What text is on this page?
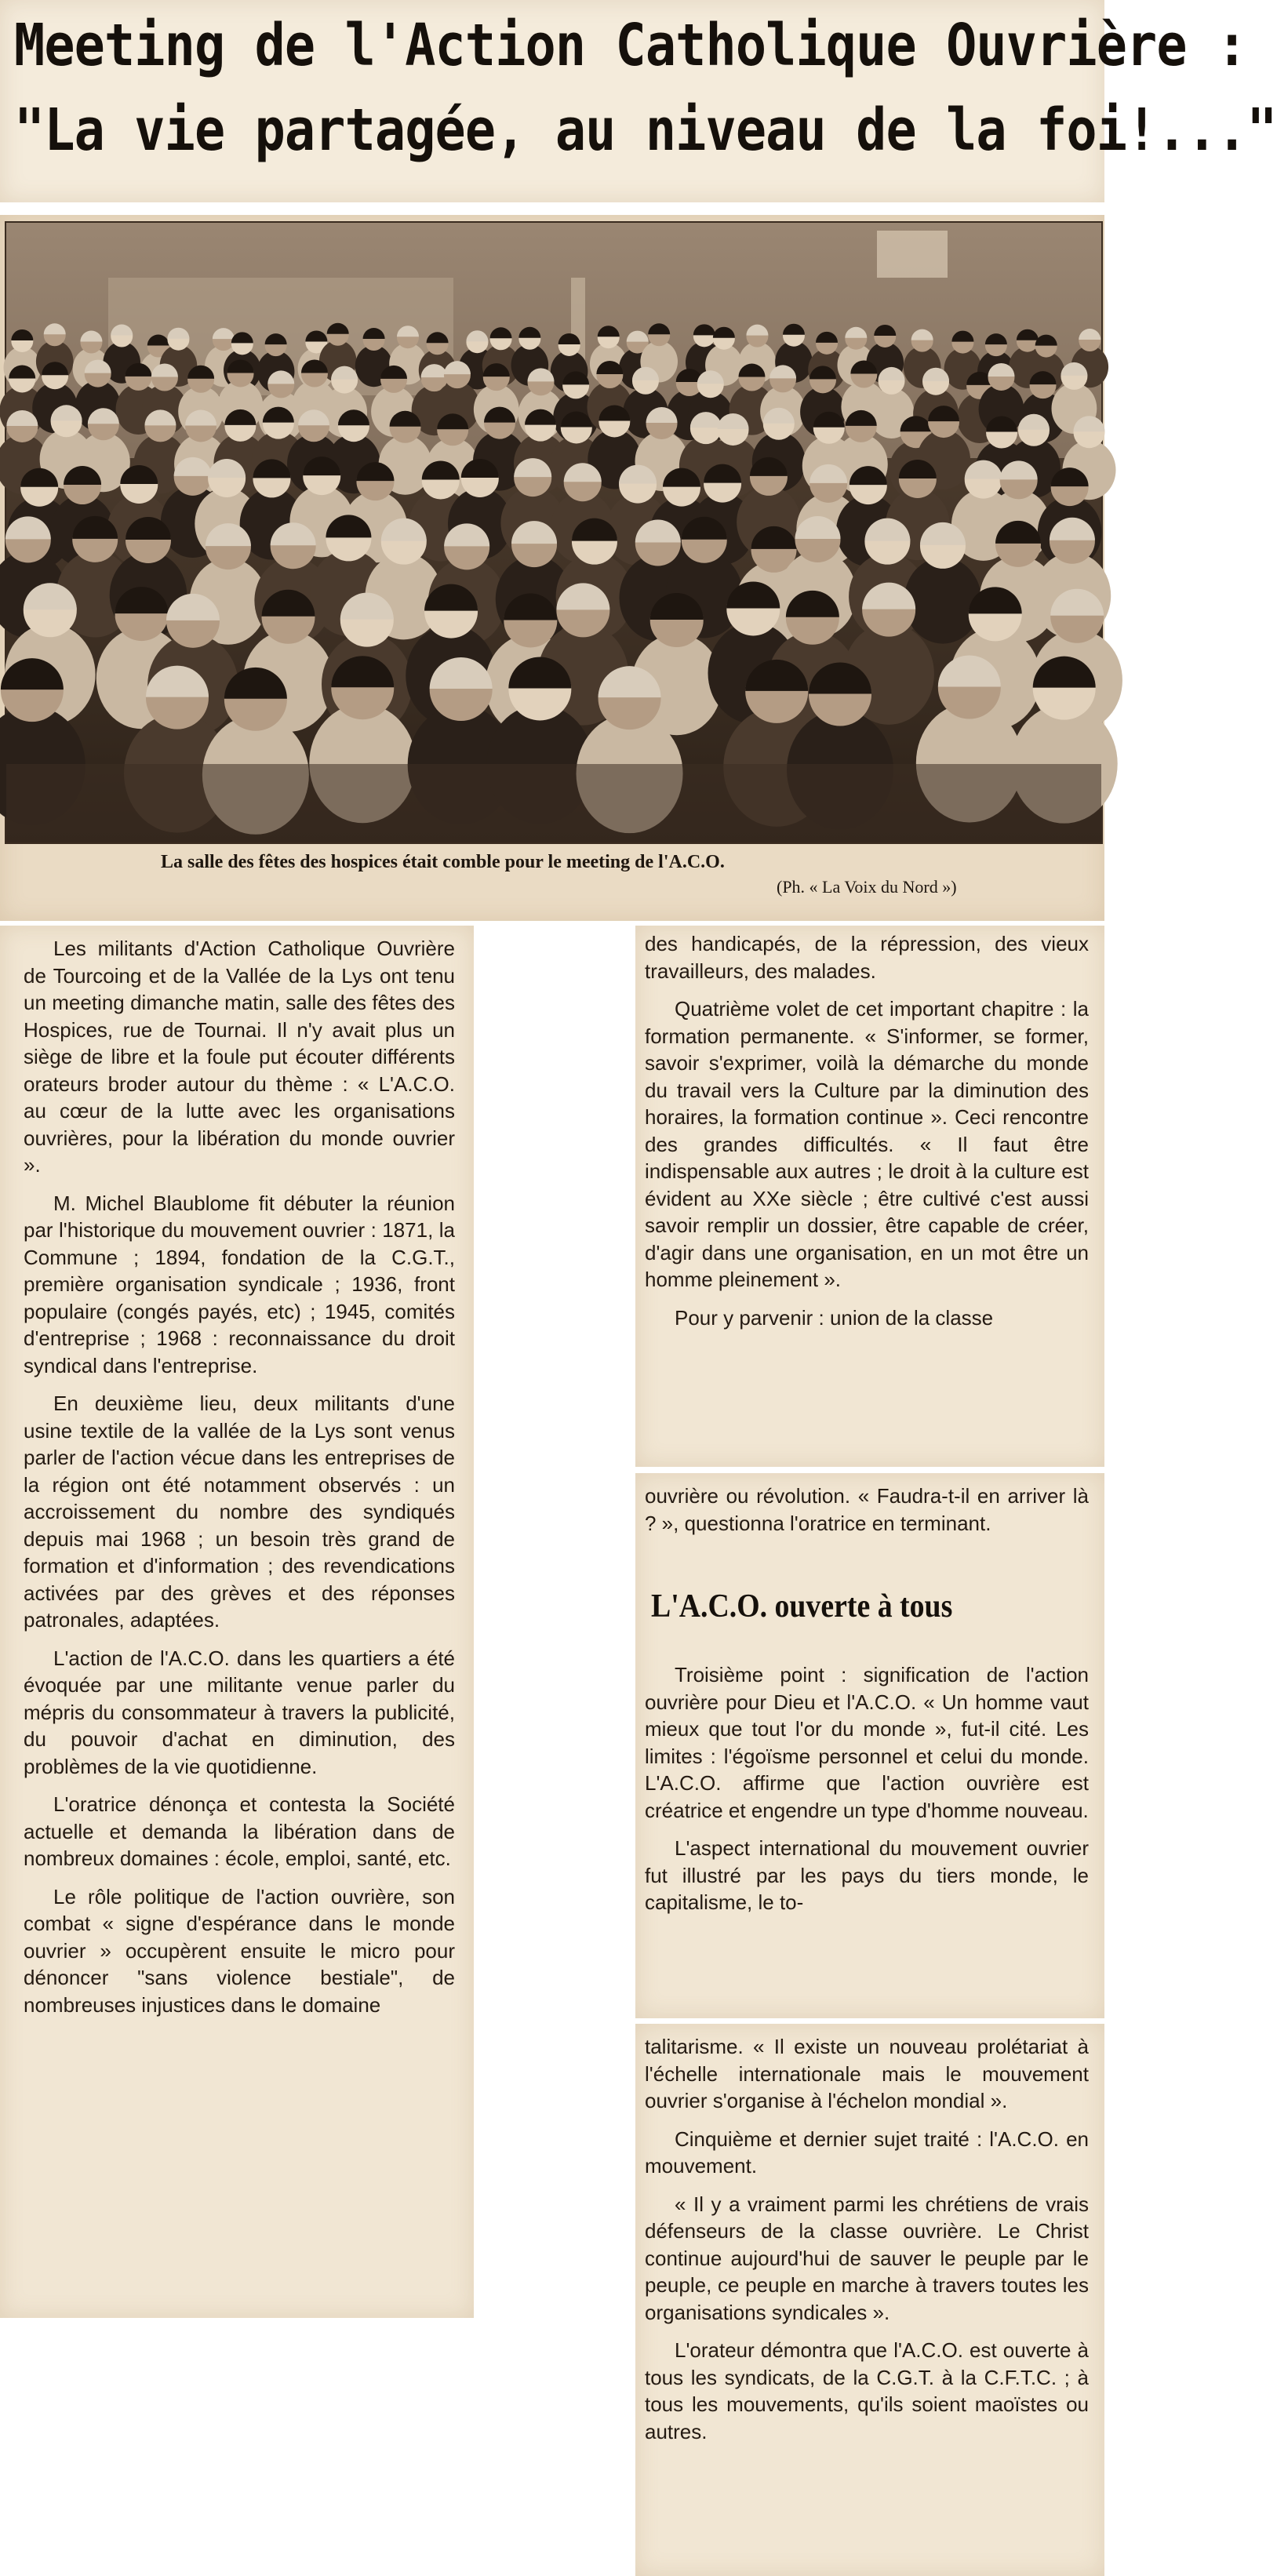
Meeting de l'Action Catholique Ouvrière :
"La vie partagée, au niveau de la foi!..."
La salle des fêtes des hospices était comble pour le meeting de l'A.C.O.
(Ph. « La Voix du Nord »)

Les militants d'Action Catholique Ouvrière de Tourcoing et de la Vallée de la Lys ont tenu un meeting dimanche matin, salle des fêtes des Hospices, rue de Tournai. Il n'y avait plus un siège de libre et la foule put écouter différents orateurs broder autour du thème : « L'A.C.O. au cœur de la lutte avec les organisations ouvrières, pour la libération du monde ouvrier ».

M. Michel Blaublome fit débuter la réunion par l'historique du mouvement ouvrier : 1871, la Commune ; 1894, fondation de la C.G.T., première organisation syndicale ; 1936, front populaire (congés payés, etc) ; 1945, comités d'entreprise ; 1968 : reconnaissance du droit syndical dans l'entreprise.

En deuxième lieu, deux militants d'une usine textile de la vallée de la Lys sont venus parler de l'action vécue dans les entreprises de la région ont été notamment observés : un accroissement du nombre des syndiqués depuis mai 1968 ; un besoin très grand de formation et d'information ; des revendications activées par des grèves et des réponses patronales, adaptées.

L'action de l'A.C.O. dans les quartiers a été évoquée par une militante venue parler du mépris du consommateur à travers la publicité, du pouvoir d'achat en diminution, des problèmes de la vie quotidienne.

L'oratrice dénonça et contesta la Société actuelle et demanda la libération dans de nombreux domaines : école, emploi, santé, etc.

Le rôle politique de l'action ouvrière, son combat « signe d'espérance dans le monde ouvrier » occupèrent ensuite le micro pour dénoncer "sans violence bestiale", de nombreuses injustices dans le domaine

des handicapés, de la répression, des vieux travailleurs, des malades.

Quatrième volet de cet important chapitre : la formation permanente. « S'informer, se former, savoir s'exprimer, voilà la démarche du monde du travail vers la Culture par la diminution des horaires, la formation continue ». Ceci rencontre des grandes difficultés. « Il faut être indispensable aux autres ; le droit à la culture est évident au XXe siècle ; être cultivé c'est aussi savoir remplir un dossier, être capable de créer, d'agir dans une organisation, en un mot être un homme pleinement ».

Pour y parvenir : union de la classe

ouvrière ou révolution. « Faudra-t-il en arriver là ? », questionna l'oratrice en terminant.

L'A.C.O. ouverte à tous

Troisième point : signification de l'action ouvrière pour Dieu et l'A.C.O. « Un homme vaut mieux que tout l'or du monde », fut-il cité. Les limites : l'égoïsme personnel et celui du monde. L'A.C.O. affirme que l'action ouvrière est créatrice et engendre un type d'homme nouveau.

L'aspect international du mouvement ouvrier fut illustré par les pays du tiers monde, le capitalisme, le to-

talitarisme. « Il existe un nouveau prolétariat à l'échelle internationale mais le mouvement ouvrier s'organise à l'échelon mondial ».

Cinquième et dernier sujet traité : l'A.C.O. en mouvement.

« Il y a vraiment parmi les chrétiens de vrais défenseurs de la classe ouvrière. Le Christ continue aujourd'hui de sauver le peuple par le peuple, ce peuple en marche à travers toutes les organisations syndicales ».

L'orateur démontra que l'A.C.O. est ouverte à tous les syndicats, de la C.G.T. à la C.F.T.C. ; à tous les mouvements, qu'ils soient maoïstes ou autres.
